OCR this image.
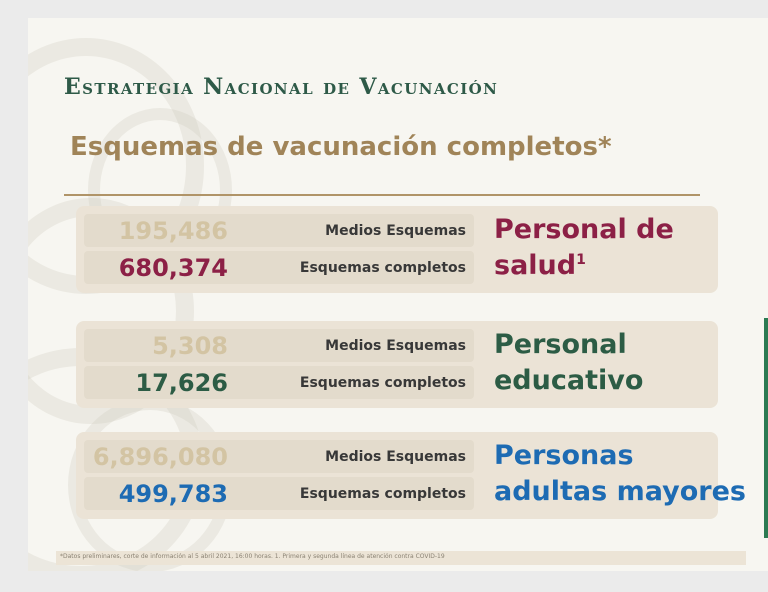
Estrategia Nacional de Vacunación
Esquemas de vacunación completos*
195,486	Medios Esquemas
680,374	Esquemas completos
Personal de
salud$^1$
5,308	Medios Esquemas
17,626	Esquemas completos
Personal
educativo
6,896,080	Medios Esquemas
499,783	Esquemas completos
Personas
adultas mayores
*Datos preliminares, corte de información al 5 abril 2021, 16:00 horas. 1. Primera y segunda línea de atención contra COVID-19
